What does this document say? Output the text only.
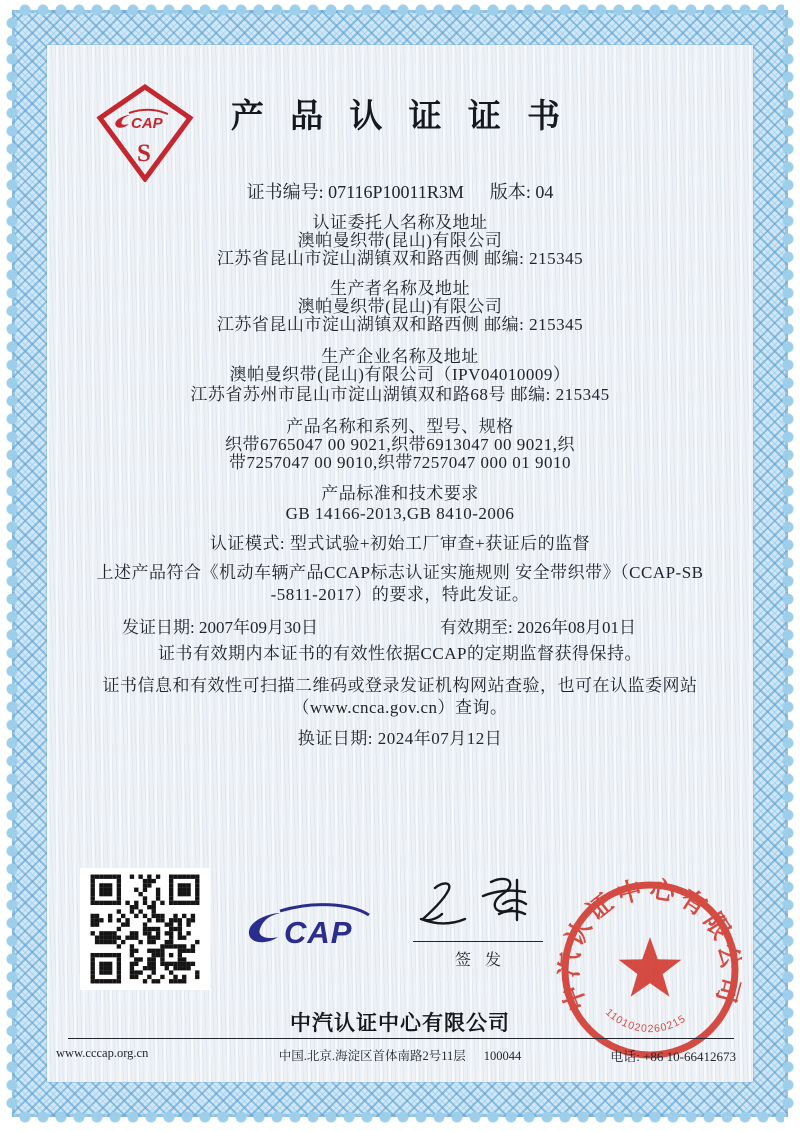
CAP
S
产 品 认 证 证 书
证书编号: 07116P10011R3M 版本: 04
认证委托人名称及地址
澳帕曼织带(昆山)有限公司
江苏省昆山市淀山湖镇双和路西侧 邮编: 215345
生产者名称及地址
澳帕曼织带(昆山)有限公司
江苏省昆山市淀山湖镇双和路西侧 邮编: 215345
生产企业名称及地址
澳帕曼织带(昆山)有限公司（IPV04010009）
江苏省苏州市昆山市淀山湖镇双和路68号 邮编: 215345
产品名称和系列、型号、规格
织带6765047 00 9021,织带6913047 00 9021,织
带7257047 00 9010,织带7257047 000 01 9010
产品标准和技术要求
GB 14166-2013,GB 8410-2006
认证模式: 型式试验+初始工厂审查+获证后的监督
上述产品符合《机动车辆产品CCAP标志认证实施规则 安全带织带》（CCAP-SB
-5811-2017）的要求，特此发证。
发证日期: 2007年09月30日	有效期至: 2026年08月01日
证书有效期内本证书的有效性依据CCAP的定期监督获得保持。
证书信息和有效性可扫描二维码或登录发证机构网站查验，也可在认监委网站
（www.cnca.gov.cn）查询。
换证日期: 2024年07月12日
CAP
签发
中汽认证中心有限公司
1101020260215
中汽认证中心有限公司
www.cccap.org.cn	中国.北京.海淀区首体南路2号11层 100044	电话: +86 10-66412673
